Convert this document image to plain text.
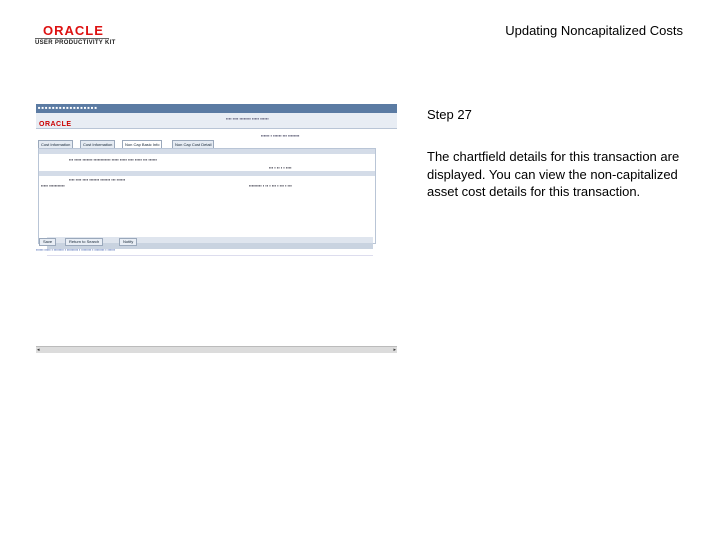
ORACLE
USER PRODUCTIVITY KIT
Updating Noncapitalized Costs
■ ■ ■ ■ ■ ■ ■ ■ ■ ■ ■ ■ ■ ■ ■ ■ ■
ORACLE
▪▪▪▪ ▪▪▪▪ ▪▪▪▪▪▪▪▪ ▪▪▪▪▪ ▪▪▪▪▪▪
▪▪▪▪▪▪ ▪ ▪▪▪▪▪▪ ▪▪▪ ▪▪▪▪▪▪▪▪
Cost Information	Cost Information	Non Cap Basic Info	Non Cap Cost Detail
▪▪▪ ▪▪▪▪▪ ▪▪▪▪▪▪▪ ▪▪▪▪▪▪▪▪▪▪▪▪ ▪▪▪▪▪ ▪▪▪▪▪ ▪▪▪▪ ▪▪▪▪▪ ▪▪▪ ▪▪▪▪▪▪
▪▪▪ ▪ ▪▪ ▪ ▪ ▪▪▪▪
▪▪▪▪ ▪▪▪▪ ▪▪▪▪ ▪▪▪▪▪▪▪ ▪▪▪▪▪▪▪ ▪▪▪ ▪▪▪▪▪▪
▪▪▪▪▪ ▪▪▪▪▪▪▪▪▪▪▪	▪▪▪▪▪▪▪▪▪ ▪ ▪▪ ▪ ▪▪▪ ▪ ▪▪▪ ▪ ▪▪▪
Save	Return to Search	Notify
▪▪▪▪▪▪ ▪▪▪▪▪ ▪ ▪▪▪▪▪▪▪▪ ▪ ▪▪▪▪▪▪▪▪▪ ▪ ▪▪▪▪▪▪▪▪ ▪ ▪▪▪▪▪▪▪▪ ▪ ▪▪▪▪▪▪
◂	▸
Step 27
The chartfield details for this transaction are displayed. You can view the non-capitalized asset cost details for this transaction.
